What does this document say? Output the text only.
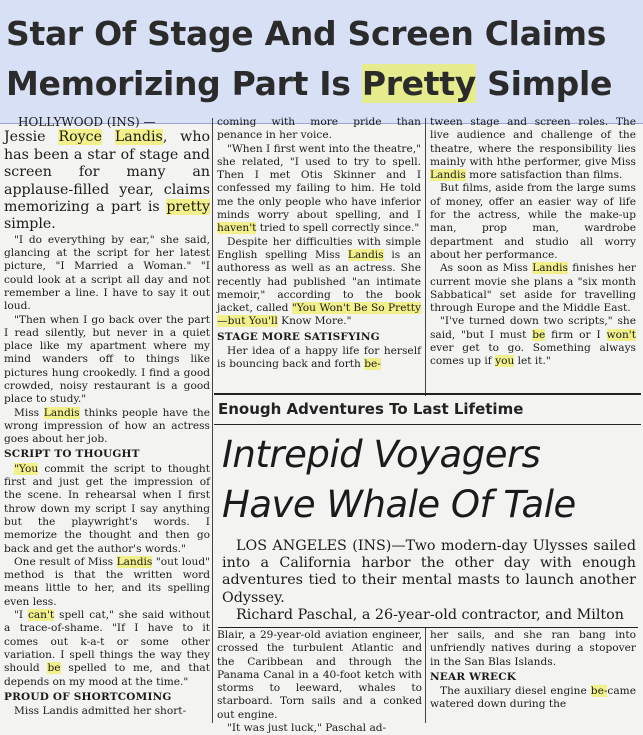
Star Of Stage And Screen Claims
Memorizing Part Is Pretty Simple

HOLLYWOOD (INS) —

Jessie Royce Landis, who has been a star of stage and screen for many an applause-filled year, claims memorizing a part is pretty simple.

"I do everything by ear," she said, glancing at the script for her latest picture, "I Married a Woman." "I could look at a script all day and not remember a line. I have to say it out loud.

"Then when I go back over the part I read silently, but never in a quiet place like my apartment where my mind wanders off to things like pictures hung crookedly. I find a good crowded, noisy restaurant is a good place to study."

Miss Landis thinks people have the wrong impression of how an actress goes about her job.

SCRIPT TO THOUGHT

"You commit the script to thought first and just get the impression of the scene. In rehearsal when I first throw down my script I say anything but the playwright's words. I memorize the thought and then go back and get the author's words."

One result of Miss Landis "out loud" method is that the written word means little to her, and its spelling even less.

"I can't spell cat," she said without a trace-of-shame. "If I have to it comes out k-a-t or some other variation. I spell things the way they should be spelled to me, and that depends on my mood at the time."

PROUD OF SHORTCOMING

Miss Landis admitted her short-

coming with more pride than penance in her voice.

"When I first went into the theatre," she related, "I used to try to spell. Then I met Otis Skinner and I confessed my failing to him. He told me the only people who have inferior minds worry about spelling, and I haven't tried to spell correctly since."

Despite her difficulties with simple English spelling Miss Landis is an authoress as well as an actress. She recently had published "an intimate memoir," according to the book jacket, called "You Won't Be So Pretty—but You'll Know More."

STAGE MORE SATISFYING

Her idea of a happy life for herself is bouncing back and forth be-

tween stage and screen roles. The live audience and challenge of the theatre, where the responsibility lies mainly with hthe performer, give Miss Landis more satisfaction than films.

But films, aside from the large sums of money, offer an easier way of life for the actress, while the make-up man, prop man, wardrobe department and studio all worry about her performance.

As soon as Miss Landis finishes her current movie she plans a "six month Sabbatical" set aside for travelling through Europe and the Middle East.

"I've turned down two scripts," she said, "but I must be firm or I won't ever get to go. Something always comes up if you let it."

Enough Adventures To Last Lifetime
Intrepid Voyagers
Have Whale Of Tale

LOS ANGELES (INS)—Two modern-day Ulysses sailed into a California harbor the other day with enough adventures tied to their mental masts to launch another Odyssey.

Richard Paschal, a 26-year-old contractor, and Milton

Blair, a 29-year-old aviation engineer, crossed the turbulent Atlantic and the Caribbean and through the Panama Canal in a 40-foot ketch with storms to leeward, whales to starboard. Torn sails and a conked out engine.

"It was just luck," Paschal ad-

her sails, and she ran bang into unfriendly natives during a stopover in the San Blas Islands.

NEAR WRECK

The auxiliary diesel engine be-came watered down during the
